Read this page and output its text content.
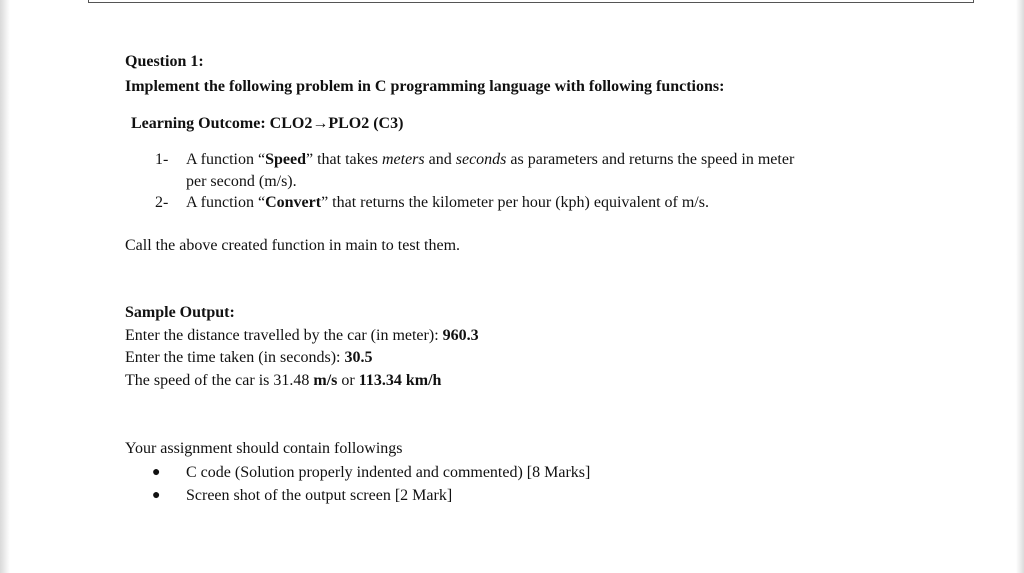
Question 1:
Implement the following problem in C programming language with following functions:
Learning Outcome: CLO2→PLO2 (C3)
1- A function “Speed” that takes meters and seconds as parameters and returns the speed in meter
per second (m/s).
2- A function “Convert” that returns the kilometer per hour (kph) equivalent of m/s.
Call the above created function in main to test them.
Sample Output:
Enter the distance travelled by the car (in meter): 960.3
Enter the time taken (in seconds): 30.5
The speed of the car is 31.48 m/s or 113.34 km/h
Your assignment should contain followings
● C code (Solution properly indented and commented) [8 Marks]
● Screen shot of the output screen [2 Mark]
